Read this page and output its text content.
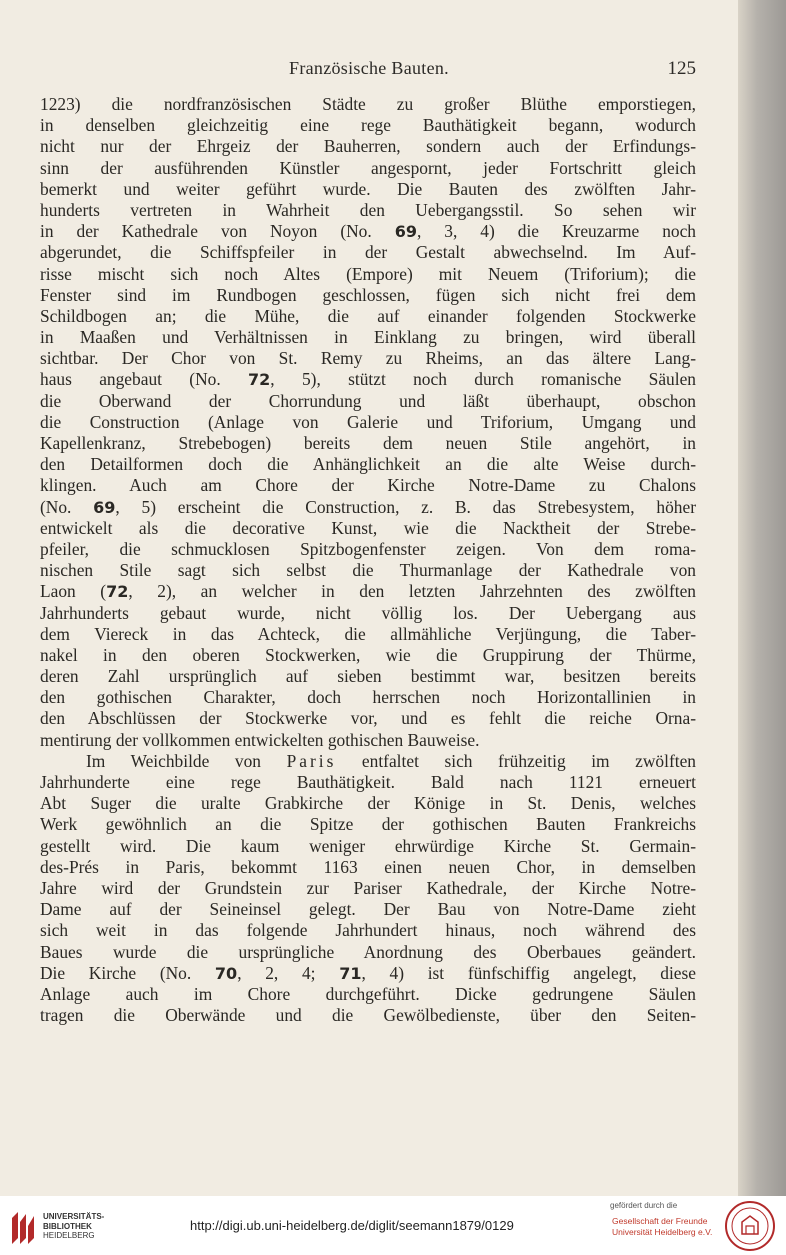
Französische Bauten.	125
1223) die nordfranzösischen Städte zu großer Blüthe emporstiegen,
in denselben gleichzeitig eine rege Bauthätigkeit begann, wodurch
nicht nur der Ehrgeiz der Bauherren, sondern auch der Erfindungs-
sinn der ausführenden Künstler angespornt, jeder Fortschritt gleich
bemerkt und weiter geführt wurde. Die Bauten des zwölften Jahr-
hunderts vertreten in Wahrheit den Uebergangsstil. So sehen wir
in der Kathedrale von Noyon (No. 69, 3, 4) die Kreuzarme noch
abgerundet, die Schiffspfeiler in der Gestalt abwechselnd. Im Auf-
risse mischt sich noch Altes (Empore) mit Neuem (Triforium); die
Fenster sind im Rundbogen geschlossen, fügen sich nicht frei dem
Schildbogen an; die Mühe, die auf einander folgenden Stockwerke
in Maaßen und Verhältnissen in Einklang zu bringen, wird überall
sichtbar. Der Chor von St. Remy zu Rheims, an das ältere Lang-
haus angebaut (No. 72, 5), stützt noch durch romanische Säulen
die Oberwand der Chorrundung und läßt überhaupt, obschon
die Construction (Anlage von Galerie und Triforium, Umgang und
Kapellenkranz, Strebebogen) bereits dem neuen Stile angehört, in
den Detailformen doch die Anhänglichkeit an die alte Weise durch-
klingen. Auch am Chore der Kirche Notre-Dame zu Chalons
(No. 69, 5) erscheint die Construction, z. B. das Strebesystem, höher
entwickelt als die decorative Kunst, wie die Nacktheit der Strebe-
pfeiler, die schmucklosen Spitzbogenfenster zeigen. Von dem roma-
nischen Stile sagt sich selbst die Thurmanlage der Kathedrale von
Laon (72, 2), an welcher in den letzten Jahrzehnten des zwölften
Jahrhunderts gebaut wurde, nicht völlig los. Der Uebergang aus
dem Viereck in das Achteck, die allmähliche Verjüngung, die Taber-
nakel in den oberen Stockwerken, wie die Gruppirung der Thürme,
deren Zahl ursprünglich auf sieben bestimmt war, besitzen bereits
den gothischen Charakter, doch herrschen noch Horizontallinien in
den Abschlüssen der Stockwerke vor, und es fehlt die reiche Orna-
mentirung der vollkommen entwickelten gothischen Bauweise.
Im Weichbilde von Paris entfaltet sich frühzeitig im zwölften
Jahrhunderte eine rege Bauthätigkeit. Bald nach 1121 erneuert
Abt Suger die uralte Grabkirche der Könige in St. Denis, welches
Werk gewöhnlich an die Spitze der gothischen Bauten Frankreichs
gestellt wird. Die kaum weniger ehrwürdige Kirche St. Germain-
des-Prés in Paris, bekommt 1163 einen neuen Chor, in demselben
Jahre wird der Grundstein zur Pariser Kathedrale, der Kirche Notre-
Dame auf der Seineinsel gelegt. Der Bau von Notre-Dame zieht
sich weit in das folgende Jahrhundert hinaus, noch während des
Baues wurde die ursprüngliche Anordnung des Oberbaues geändert.
Die Kirche (No. 70, 2, 4; 71, 4) ist fünfschiffig angelegt, diese
Anlage auch im Chore durchgeführt. Dicke gedrungene Säulen
tragen die Oberwände und die Gewölbedienste, über den Seiten-
UNIVERSITÄTS-
BIBLIOTHEK
HEIDELBERG
http://digi.ub.uni-heidelberg.de/diglit/seemann1879/0129
gefördert durch die
Gesellschaft der Freunde
Universität Heidelberg e.V.
